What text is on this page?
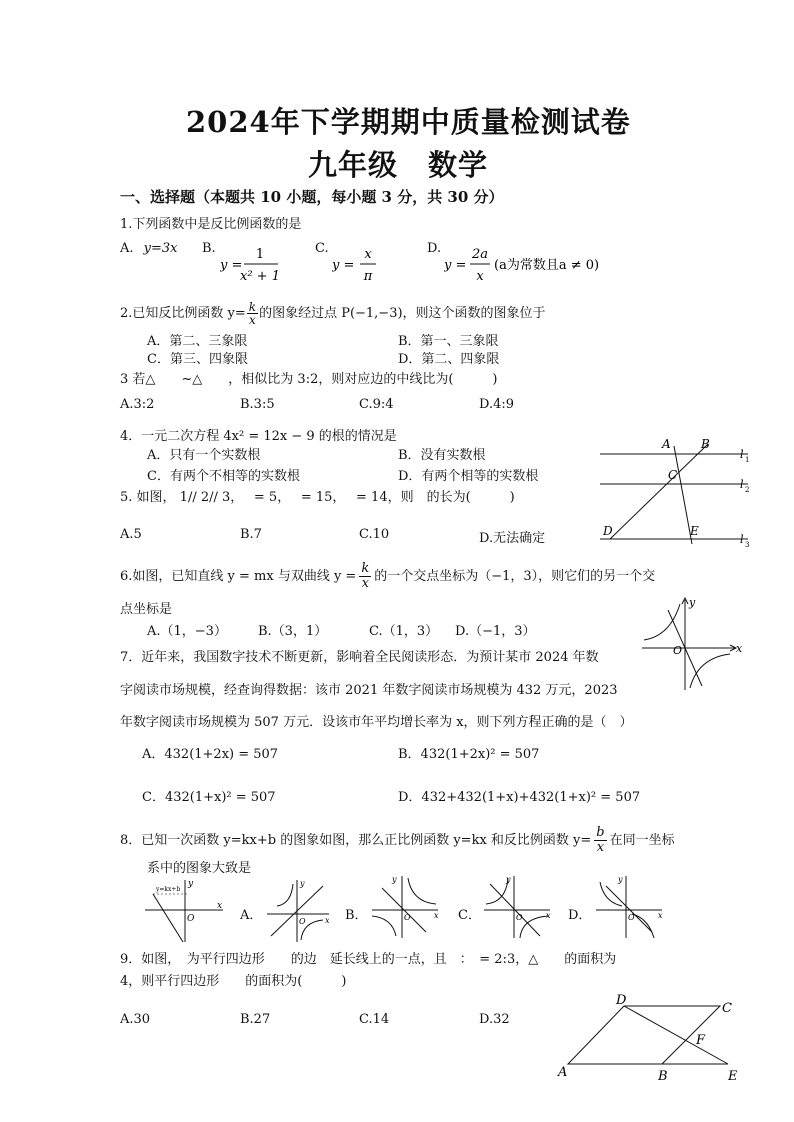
2024年下学期期中质量检测试卷
九年级　数学
一、选择题（本题共 10 小题，每小题 3 分，共 30 分）
1.下列函数中是反比例函数的是
A. y=3x B.
y =
1
x² + 1
C.
y =
x
π
D.
y =
2a
x
(a为常数且a ≠ 0)
2.已知反比例函数 $y= \frac{k}{x}$ 的图象经过点 P(−1,−3)，则这个函数的图象位于
A．第二、三象限	B．第一、三象限
C．第三、四象限	D．第二、四象限
3 若△　　~△　　，相似比为 3:2，则对应边的中线比为(　　　)
A.3:2	B.3:5	C.9:4	D.4:9
4．一元二次方程 4x² = 12x − 9 的根的情况是
A．只有一个实数根	B．没有实数根
C．有两个不相等的实数根	D．有两个相等的实数根
A	B
C
D	E
l 1
l 2
l 3
5. 如图， 1// 2// 3，　 = 5，　 = 15，　 = 14，则　的长为(　　　)
A.5	B.7	C.10	D.无法确定
6.如图，已知直线 y = mx 与双曲线 $y = \frac{k}{x}$ 的一个交点坐标为（−1，3），则它们的另一个交
点坐标是
A.（1，−3） B.（3，1）	C.（1，3） D.（−1，3）
y
x
O
7．近年来，我国数字技术不断更新，影响着全民阅读形态．为预计某市 2024 年数
字阅读市场规模，经查询得数据：该市 2021 年数字阅读市场规模为 432 万元，2023
年数字阅读市场规模为 507 万元．设该市年平均增长率为 x，则下列方程正确的是（　）
A．432(1+2x) = 507	B．432(1+2x)² = 507
C．432(1+x)² = 507	D．432+432(1+x)+432(1+x)² = 507
8．已知一次函数 y=kx+b 的图象如图，那么正比例函数 y=kx 和反比例函数 $y= \frac{b}{x}$ 在同一坐标
系中的图象大致是
y=kx+b
y
x
O	A．
y
x
O	B．
y
x
O	C．
y
x
O	D．
y
x
O
9．如图，　为平行四边形　　的边　延长线上的一点，且　：　= 2:3，△　　的面积为
4，则平行四边形　　的面积为(　　　)
A.30	B.27	C.14	D.32
A	B
C
D
E
F
